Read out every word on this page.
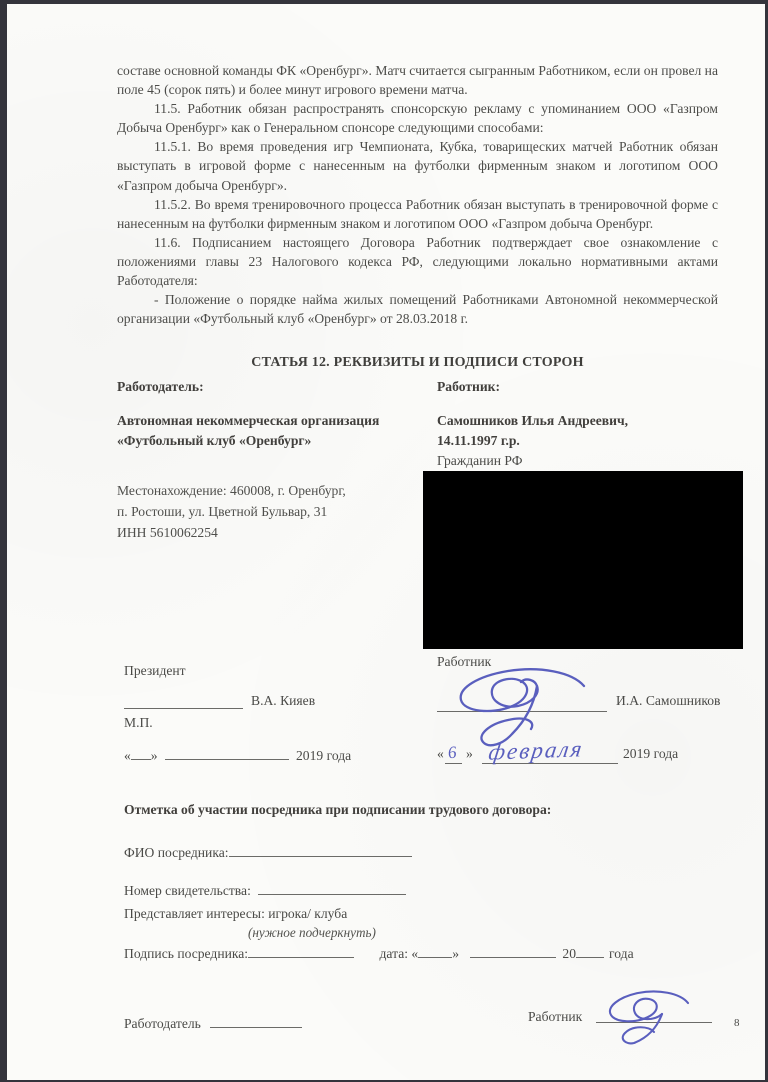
составе основной команды ФК «Оренбург». Матч считается сыгранным Работником, если он провел на поле 45 (сорок пять) и более минут игрового времени матча.
11.5. Работник обязан распространять спонсорскую рекламу с упоминанием ООО «Газпром Добыча Оренбург» как о Генеральном спонсоре следующими способами:
11.5.1. Во время проведения игр Чемпионата, Кубка, товарищеских матчей Работник обязан выступать в игровой форме с нанесенным на футболки фирменным знаком и логотипом ООО «Газпром добыча Оренбург».
11.5.2. Во время тренировочного процесса Работник обязан выступать в тренировочной форме с нанесенным на футболки фирменным знаком и логотипом ООО «Газпром добыча Оренбург.
11.6. Подписанием настоящего Договора Работник подтверждает свое ознакомление с положениями главы 23 Налогового кодекса РФ, следующими локально нормативными актами Работодателя:
- Положение о порядке найма жилых помещений Работниками Автономной некоммерческой организации «Футбольный клуб «Оренбург» от 28.03.2018 г.
СТАТЬЯ 12. РЕКВИЗИТЫ И ПОДПИСИ СТОРОН
Работодатель:	Работник:
Автономная некоммерческая организация «Футбольный клуб «Оренбург»
Местонахождение: 460008, г. Оренбург,
п. Ростоши, ул. Цветной Бульвар, 31
ИНН 5610062254
Самошников Илья Андреевич,
14.11.1997 г.р.
Гражданин РФ
Президент
В.А. Кияев
М.П.
« »	2019 года
Работник
И.А. Самошников
« 6 » февраля	2019 года
Отметка об участии посредника при подписании трудового договора:
ФИО посредника:
Номер свидетельства:
Представляет интересы: игрока/ клуба
(нужное подчеркнуть)
Подпись посредника:	дата: «	»	20 года
Работодатель	Работник	8
